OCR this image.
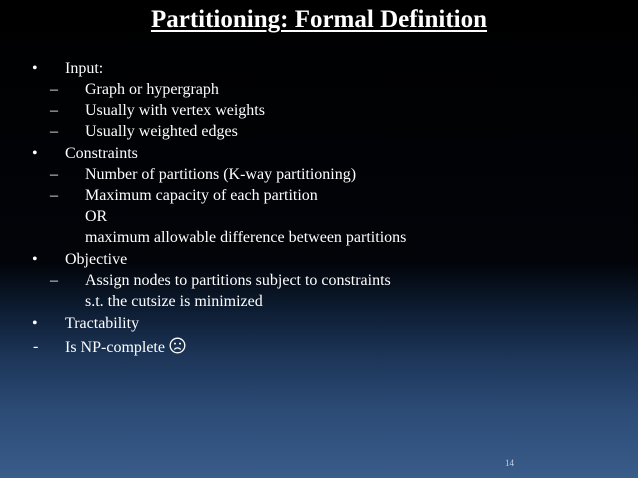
Partitioning: Formal Definition
• Input:
– Graph or hypergraph
– Usually with vertex weights
– Usually weighted edges
• Constraints
– Number of partitions (K-way partitioning)
– Maximum capacity of each partition
OR
maximum allowable difference between partitions
• Objective
– Assign nodes to partitions subject to constraints
s.t. the cutsize is minimized
• Tractability
- Is NP-complete
14
